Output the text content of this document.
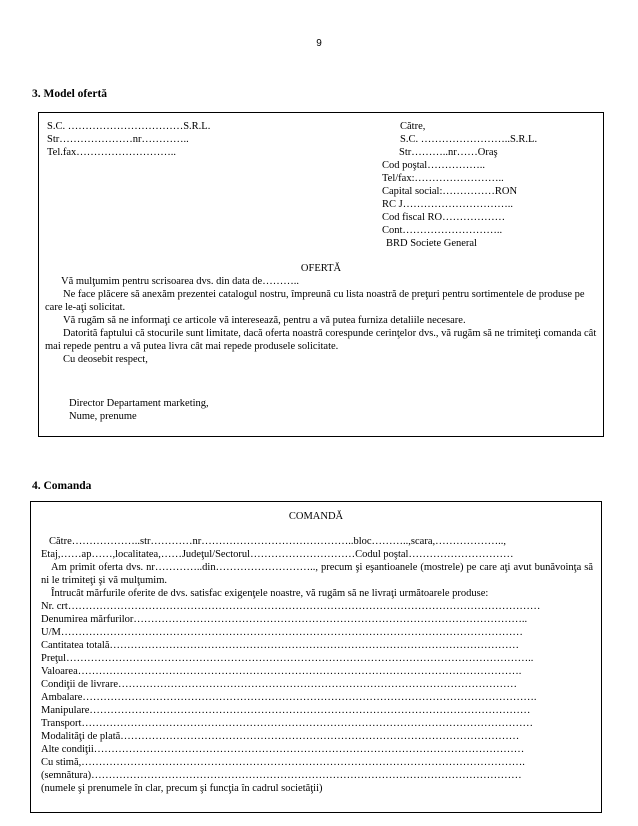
9
3. Model ofertă
S.C. ……………………………S.R.L.
Str…………………nr…………..
Tel.fax………………………..
Către,
S.C. ……………………..S.R.L.
Str………..nr……Oraş
Cod poştal……………..
Tel/fax:……………………..
Capital social:……………RON
RC J…………………………..
Cod fiscal RO………………
Cont………………………..
BRD Societe General
OFERTĂ
Vă mulţumim pentru scrisoarea dvs. din data de………..
Ne face plăcere să anexăm prezentei catalogul nostru, împreună cu lista noastră de preţuri pentru sortimentele de produse pe care le-aţi solicitat.
Vă rugăm să ne informaţi ce articole vă interesează, pentru a vă putea furniza detaliile necesare.
Datorită faptului că stocurile sunt limitate, dacă oferta noastră corespunde cerinţelor dvs., vă rugăm să ne trimiteţi comanda cât mai repede pentru a vă putea livra cât mai repede produsele solicitate.
Cu deosebit respect,
Director Departament marketing,
Nume, prenume
4. Comanda
COMANDĂ
Către………………..str…………nr……………………………………..bloc………..,scara,………………..,
Etaj,……ap……,localitatea,……Judeţul/Sectorul…………………………Codul poştal…………………………
Am primit oferta dvs. nr…………..din……………………….., precum şi eşantioanele (mostrele) pe care aţi avut bunăvoinţa să ni le trimiteţi şi vă mulţumim.
Întrucât mărfurile oferite de dvs. satisfac exigenţele noastre, vă rugăm să ne livraţi următoarele produse:
Nr. crt………………………………………………………………………………………………………………………
Denumirea mărfurilor…………………………………………………………………………………………………..
U/M……………………………………………………………………………………………………………………
Cantitatea totală………………………………………………………………………………………………………
Preţul……………………………………………………………………………………………………………………..
Valoarea……………………………………………………………………………………………………………….
Condiţii de livrare……………………………………………………………………………………………………
Ambalare………………………………………………………………………………………………………………….
Manipulare………………………………………………………………………………………………………………
Transport…………………………………………………………………………………………………………………
Modalităţi de plată……………………………………………………………………………………………………
Alte condiţii……………………………………………………………………………………………………………
Cu stimă,……………………………………………………………………………………………………………….
(semnătura)……………………………………………………………………………………………………………
(numele şi prenumele în clar, precum şi funcţia în cadrul societăţii)
